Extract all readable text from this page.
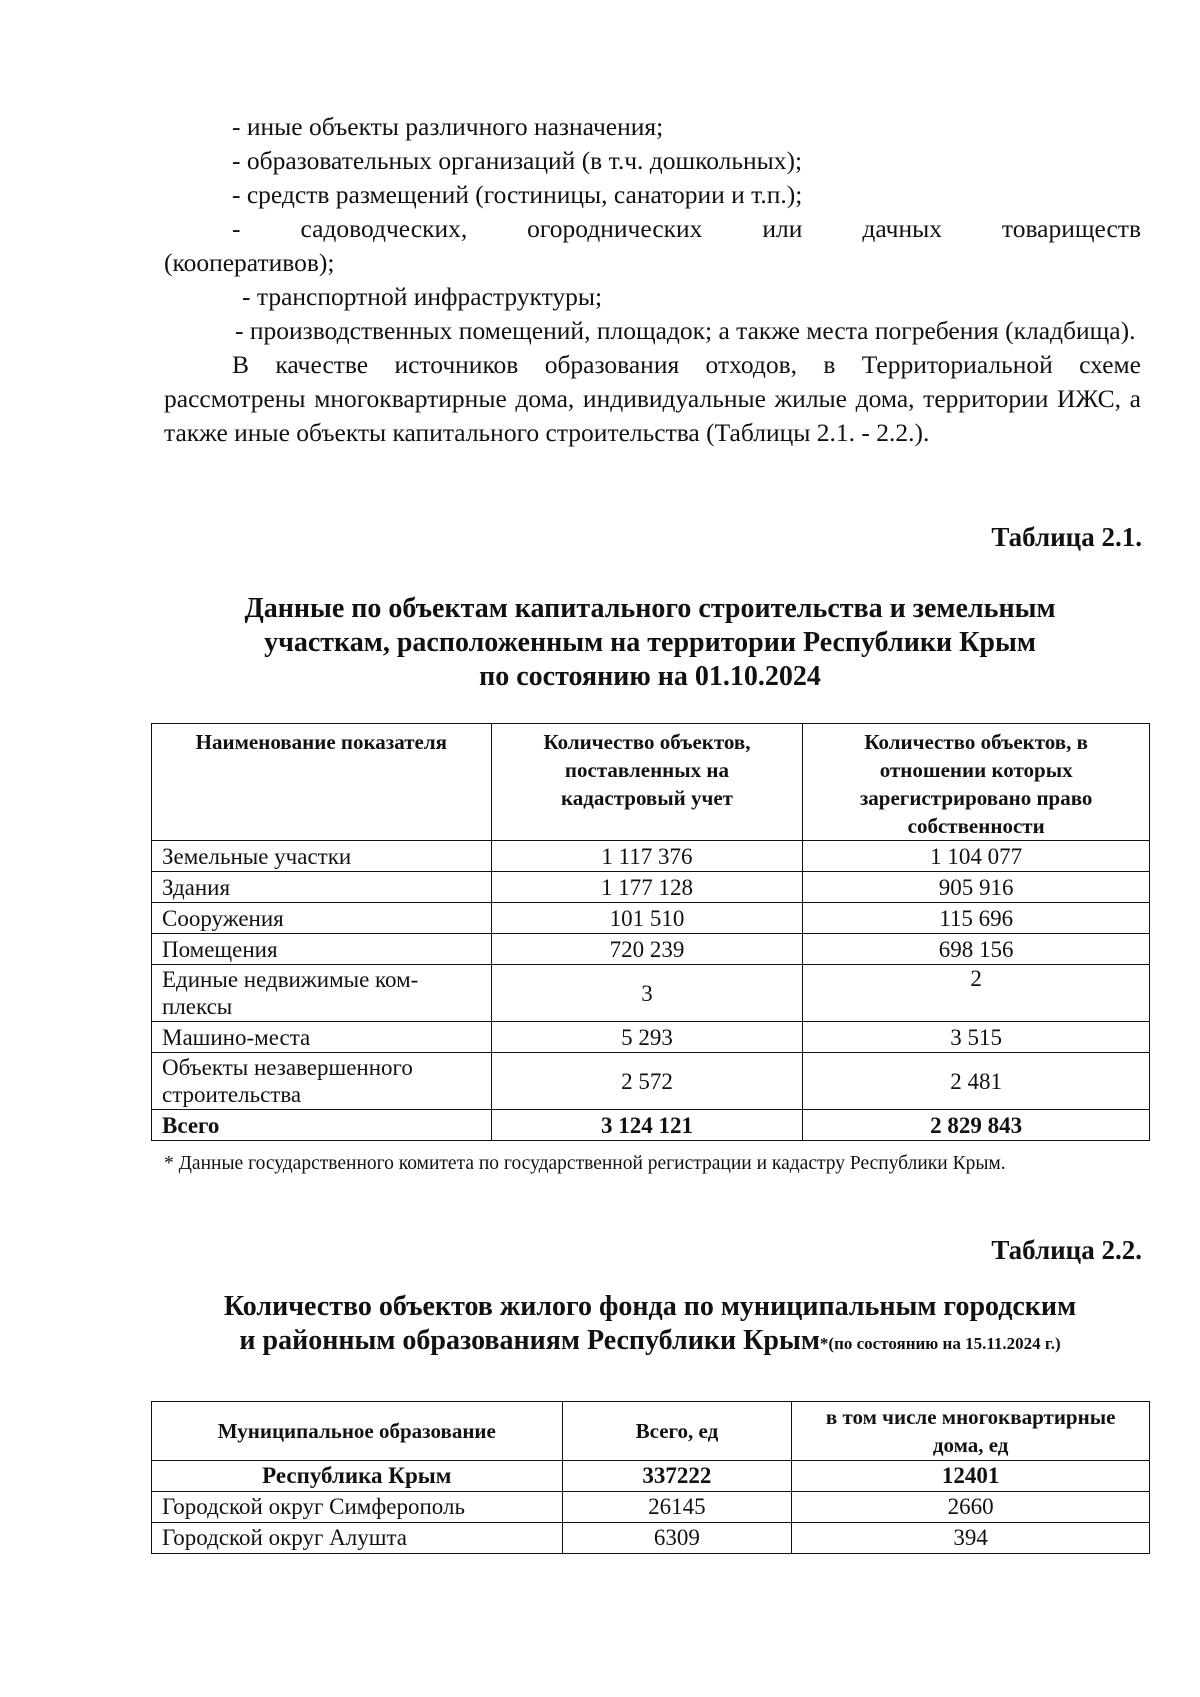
- иные объекты различного назначения;

- образовательных организаций (в т.ч. дошкольных);

- средств размещений (гостиницы, санатории и т.п.);

-     садоводческих,     огороднических     или     дачных     товариществ

(кооперативов);

- транспортной инфраструктуры;

- производственных помещений, площадок; а также места погребения (кладбища).

В качестве источников образования отходов, в Территориальной схеме рассмотрены многоквартирные дома, индивидуальные жилые дома, территории ИЖС, а также иные объекты капитального строительства (Таблицы 2.1. - 2.2.).

Таблица 2.1.
Данные по объектам капитального строительства и земельным
участкам, расположенным на территории Республики Крым
по состоянию на 01.10.2024
Наименование показателя	Количество объектов, поставленных на кадастровый учет	Количество объектов, в отношении которых зарегистрировано право собственности
Земельные участки	1 117 376	1 104 077
Здания	1 177 128	905 916
Сооружения	101 510	115 696
Помещения	720 239	698 156
Единые недвижимые ком-плексы	3	2
Машино-места	5 293	3 515
Объекты незавершенного строительства	2 572	2 481
Всего	3 124 121	2 829 843
* Данные государственного комитета по государственной регистрации и кадастру Республики Крым.
Таблица 2.2.
Количество объектов жилого фонда по муниципальным городским
и районным образованиям Республики Крым*(по состоянию на 15.11.2024 г.)
Муниципальное образование	Всего, ед	в том числе многоквартирные дома, ед
Республика Крым	337222	12401
Городской округ Симферополь	26145	2660
Городской округ Алушта	6309	394
